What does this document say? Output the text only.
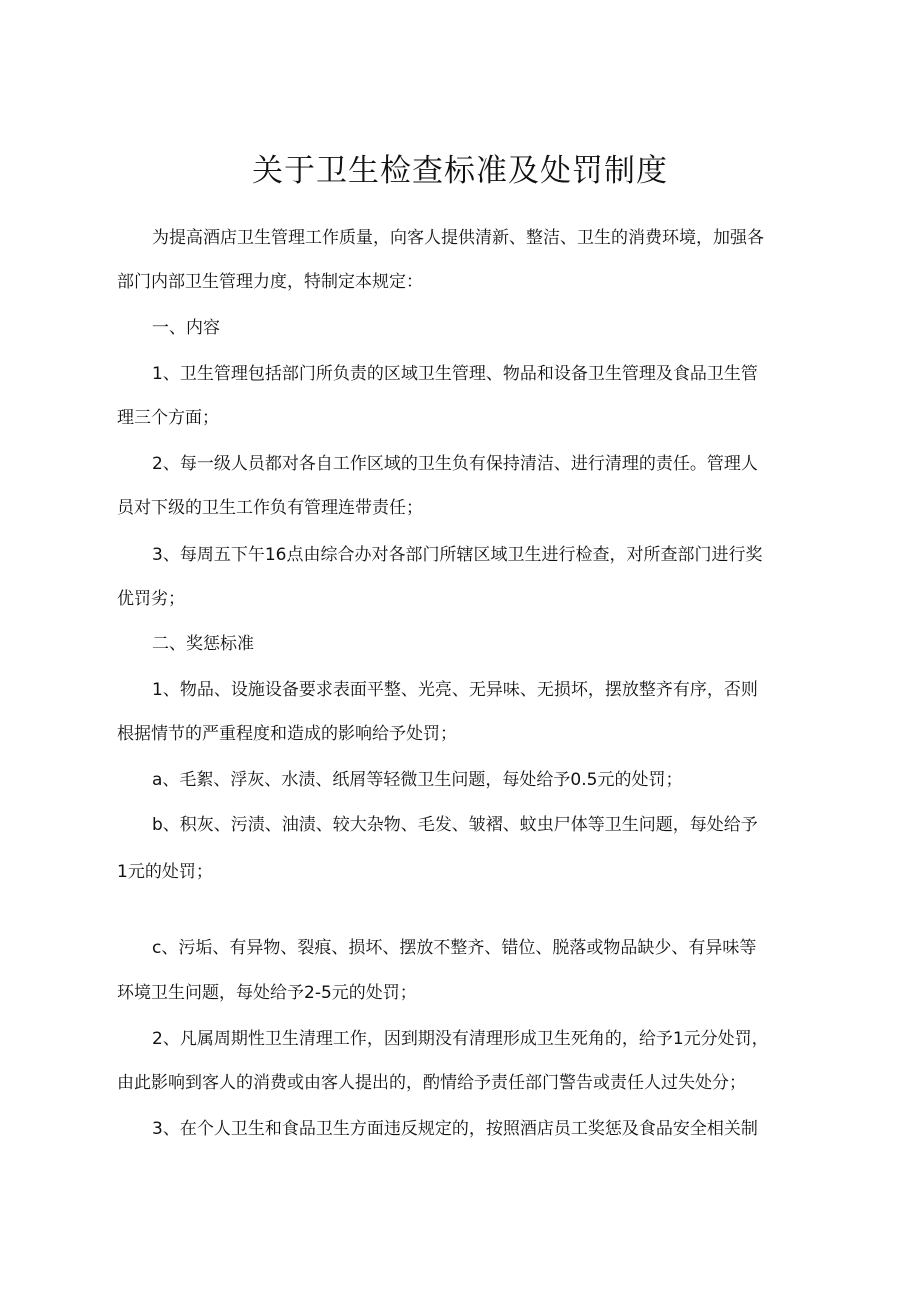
关于卫生检查标准及处罚制度

为提高酒店卫生管理工作质量，向客人提供清新、整洁、卫生的消费环境，加强各

部门内部卫生管理力度，特制定本规定：

一、内容

1、卫生管理包括部门所负责的区域卫生管理、物品和设备卫生管理及食品卫生管

理三个方面；

2、每一级人员都对各自工作区域的卫生负有保持清洁、进行清理的责任。管理人

员对下级的卫生工作负有管理连带责任；

3、每周五下午16点由综合办对各部门所辖区域卫生进行检查，对所查部门进行奖

优罚劣；

二、奖惩标准

1、物品、设施设备要求表面平整、光亮、无异味、无损坏，摆放整齐有序，否则

根据情节的严重程度和造成的影响给予处罚；

a、毛絮、浮灰、水渍、纸屑等轻微卫生问题，每处给予0.5元的处罚；

b、积灰、污渍、油渍、较大杂物、毛发、皱褶、蚊虫尸体等卫生问题，每处给予

1元的处罚；

c、污垢、有异物、裂痕、损坏、摆放不整齐、错位、脱落或物品缺少、有异味等

环境卫生问题，每处给予2-5元的处罚；

2、凡属周期性卫生清理工作，因到期没有清理形成卫生死角的，给予1元分处罚，

由此影响到客人的消费或由客人提出的，酌情给予责任部门警告或责任人过失处分；

3、在个人卫生和食品卫生方面违反规定的，按照酒店员工奖惩及食品安全相关制
